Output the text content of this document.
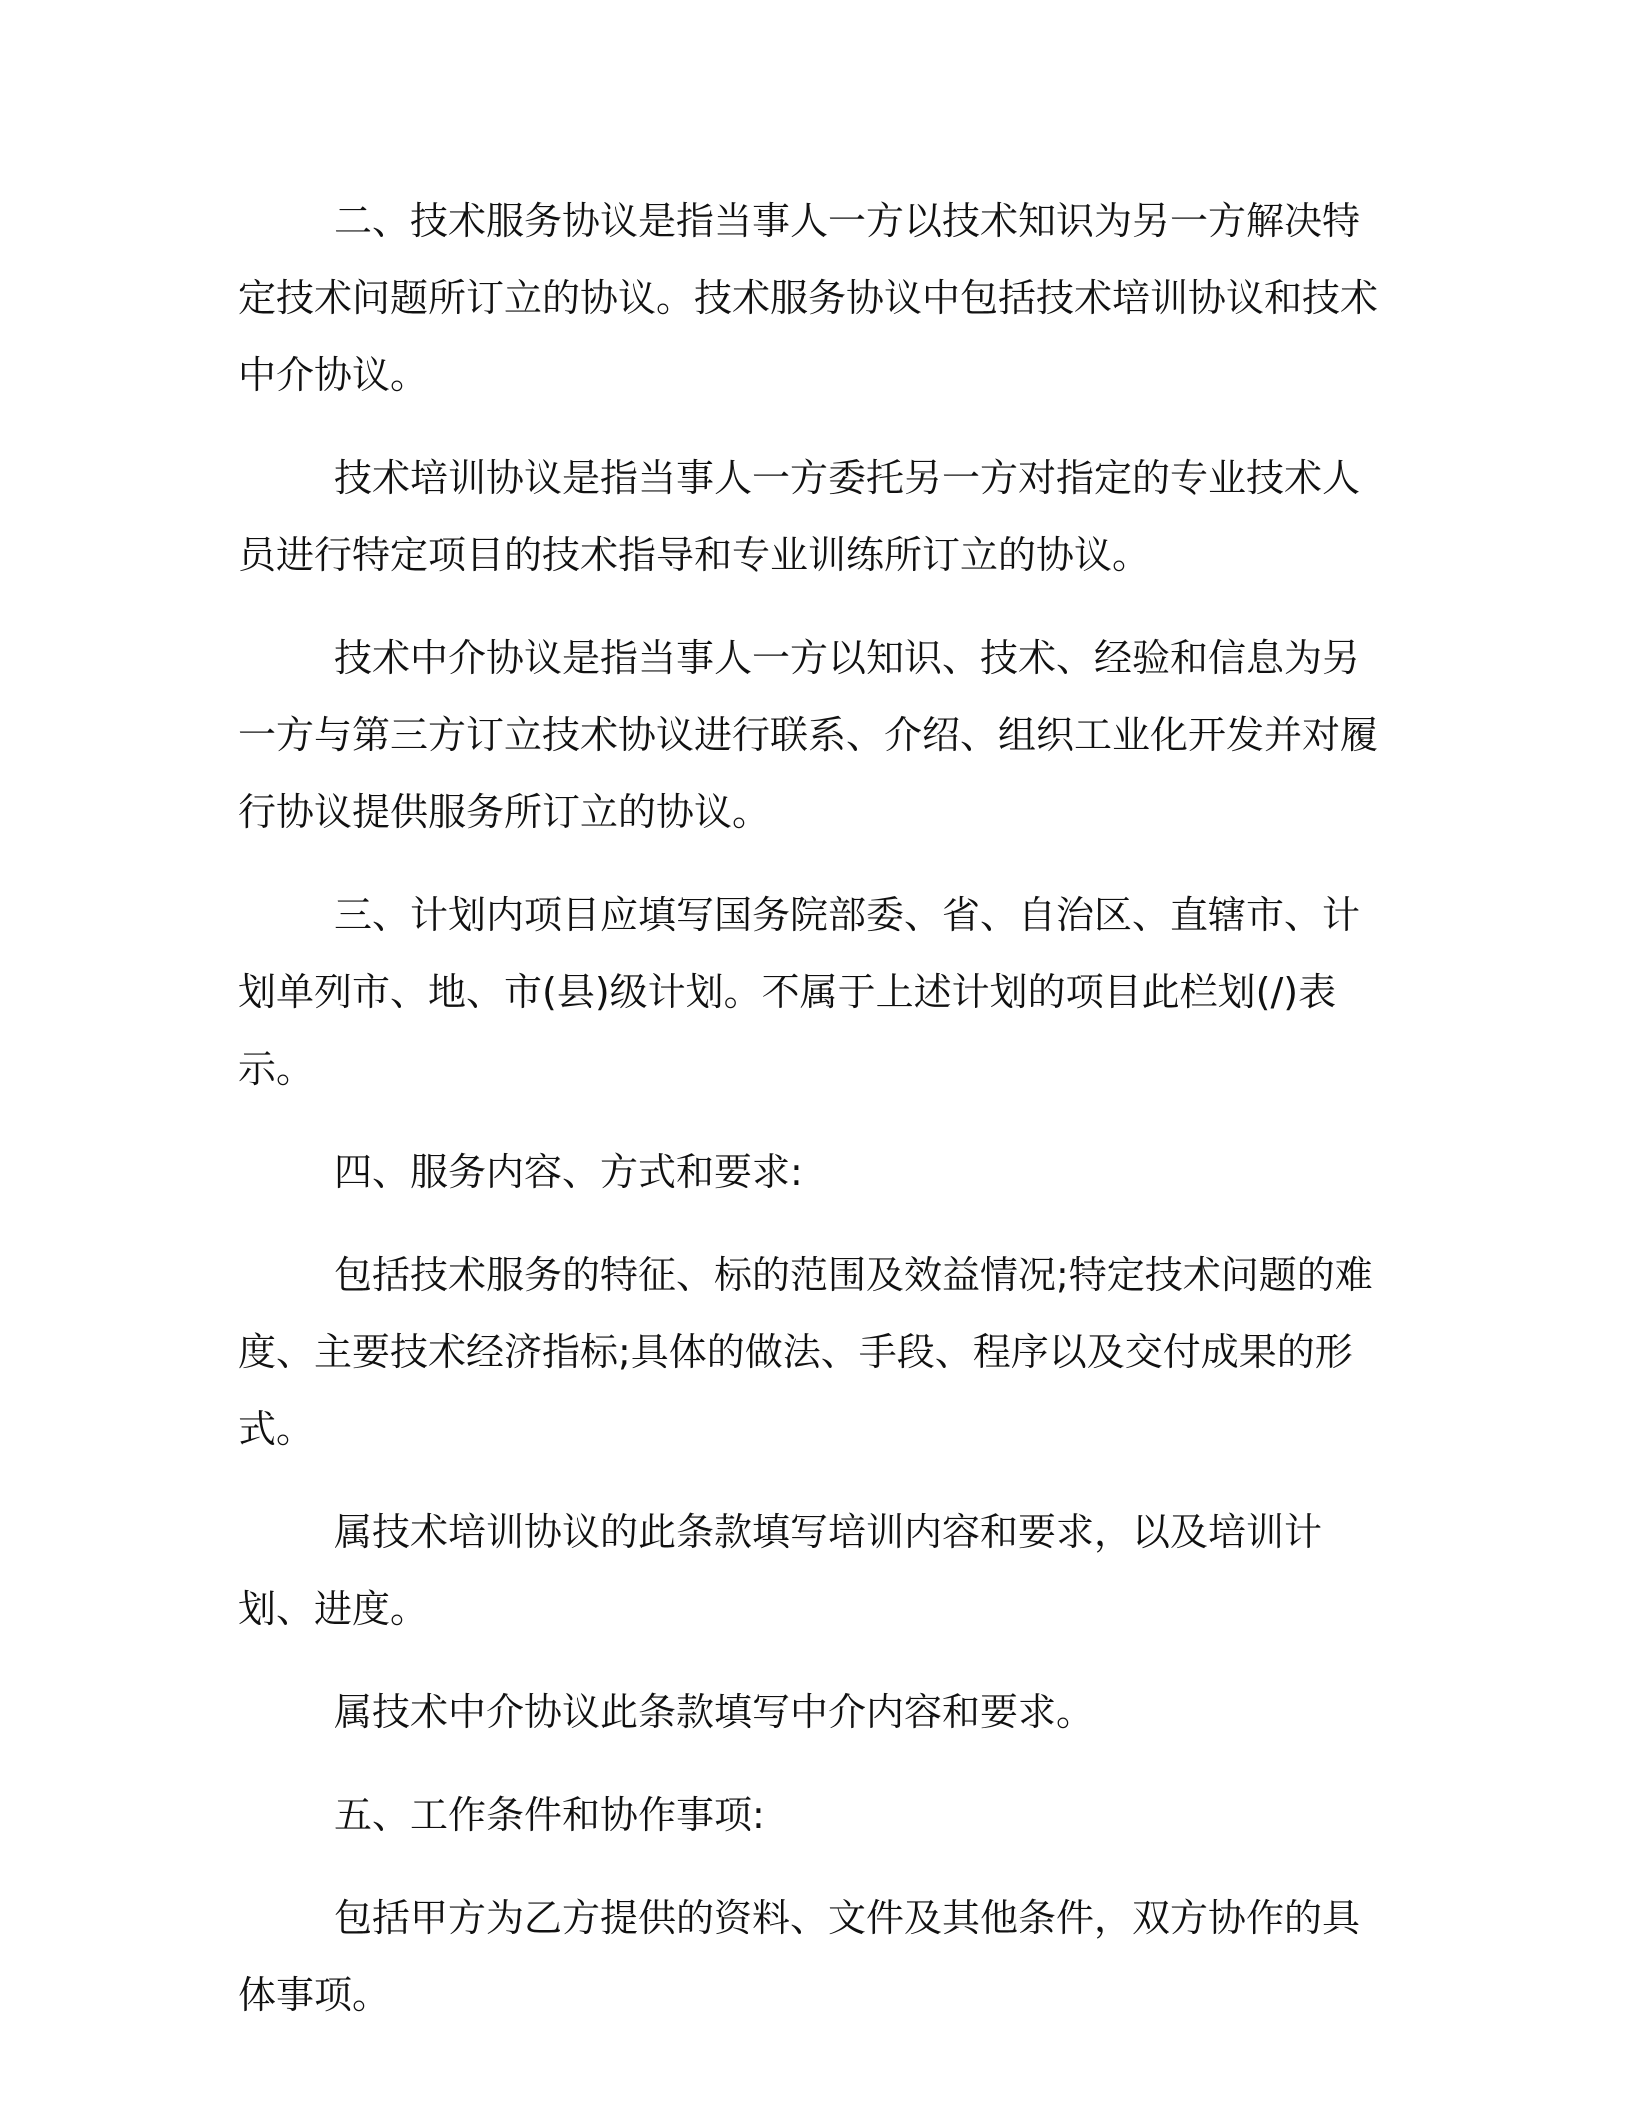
二、技术服务协议是指当事人一方以技术知识为另一方解决特定技术问题所订立的协议。技术服务协议中包括技术培训协议和技术中介协议。

技术培训协议是指当事人一方委托另一方对指定的专业技术人员进行特定项目的技术指导和专业训练所订立的协议。

技术中介协议是指当事人一方以知识、技术、经验和信息为另一方与第三方订立技术协议进行联系、介绍、组织工业化开发并对履行协议提供服务所订立的协议。

三、计划内项目应填写国务院部委、省、自治区、直辖市、计划单列市、地、市(县)级计划。不属于上述计划的项目此栏划(/)表示。

四、服务内容、方式和要求:

包括技术服务的特征、标的范围及效益情况;特定技术问题的难度、主要技术经济指标;具体的做法、手段、程序以及交付成果的形式。

属技术培训协议的此条款填写培训内容和要求，以及培训计划、进度。

属技术中介协议此条款填写中介内容和要求。

五、工作条件和协作事项:

包括甲方为乙方提供的资料、文件及其他条件，双方协作的具体事项。
